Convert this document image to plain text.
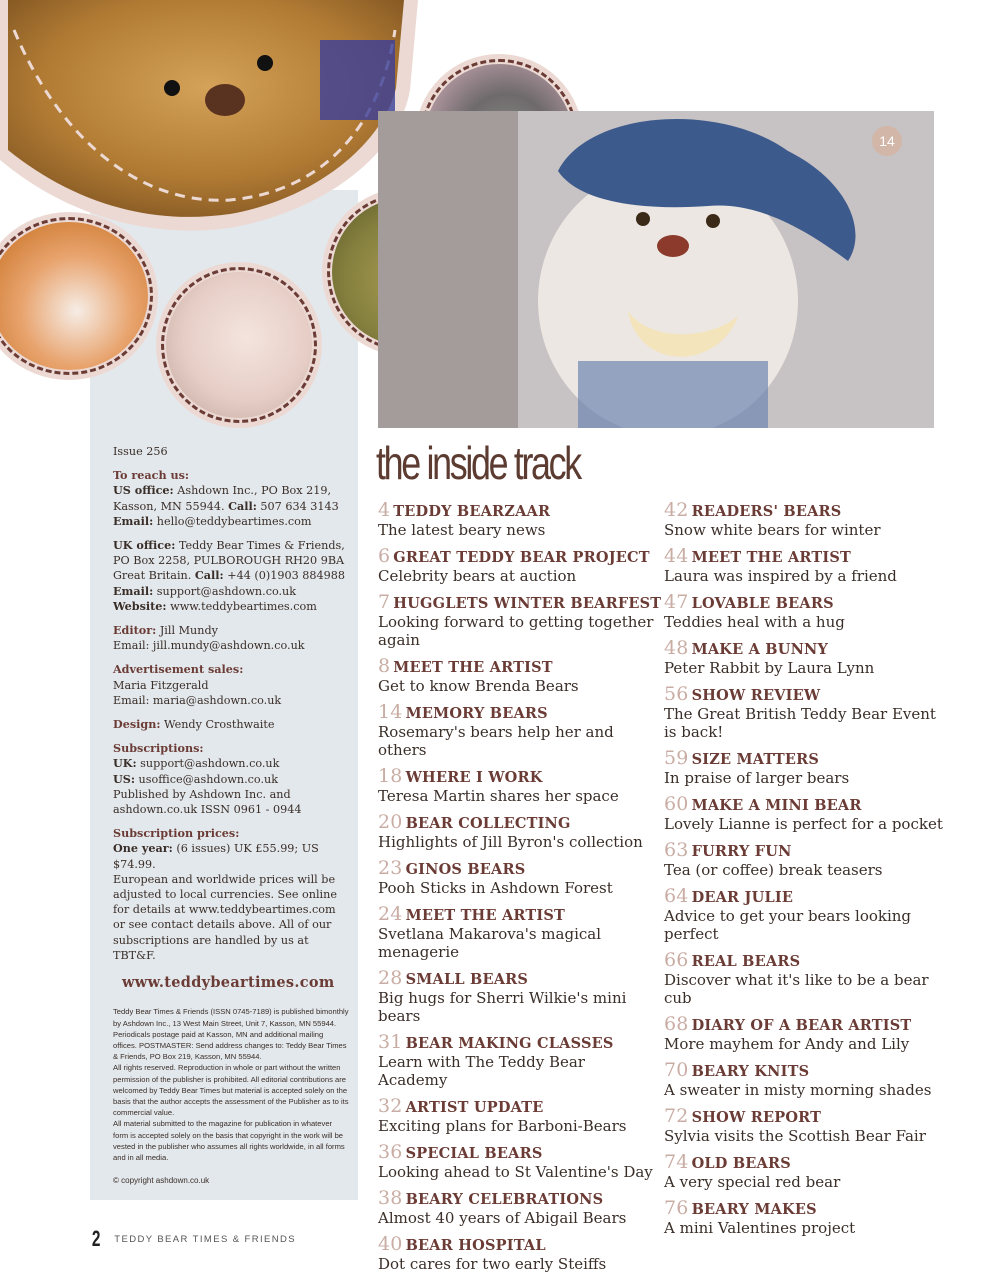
14
Issue 256
To reach us:
US office: Ashdown Inc., PO Box 219, Kasson, MN 55944. Call: 507 634 3143
Email: hello@teddybeartimes.com
UK office: Teddy Bear Times & Friends, PO Box 2258, PULBOROUGH RH20 9BA Great Britain. Call: +44 (0)1903 884988
Email: support@ashdown.co.uk
Website: www.teddybeartimes.com
Editor: Jill Mundy
Email: jill.mundy@ashdown.co.uk
Advertisement sales:
Maria Fitzgerald
Email: maria@ashdown.co.uk
Design: Wendy Crosthwaite
Subscriptions:
UK: support@ashdown.co.uk
US: usoffice@ashdown.co.uk
Published by Ashdown Inc. and ashdown.co.uk ISSN 0961 - 0944
Subscription prices:
One year: (6 issues) UK £55.99; US $74.99.
European and worldwide prices will be adjusted to local currencies. See online for details at www.teddybeartimes.com or see contact details above. All of our subscriptions are handled by us at TBT&F.
www.teddybeartimes.com
Teddy Bear Times & Friends (ISSN 0745-7189) is published bimonthly by Ashdown Inc., 13 West Main Street, Unit 7, Kasson, MN 55944. Periodicals postage paid at Kasson, MN and additional mailing offices. POSTMASTER: Send address changes to: Teddy Bear Times & Friends, PO Box 219, Kasson, MN 55944.
All rights reserved. Reproduction in whole or part without the written permission of the publisher is prohibited. All editorial contributions are welcomed by Teddy Bear Times but material is accepted solely on the basis that the author accepts the assessment of the Publisher as to its commercial value.
All material submitted to the magazine for publication in whatever form is accepted solely on the basis that copyright in the work will be vested in the publisher who assumes all rights worldwide, in all forms and in all media.
© copyright ashdown.co.uk
the inside track
4 TEDDY BEARZAAR
The latest beary news
6 GREAT TEDDY BEAR PROJECT
Celebrity bears at auction
7 HUGGLETS WINTER BEARFEST
Looking forward to getting together again
8 MEET THE ARTIST
Get to know Brenda Bears
14 MEMORY BEARS
Rosemary's bears help her and others
18 WHERE I WORK
Teresa Martin shares her space
20 BEAR COLLECTING
Highlights of Jill Byron's collection
23 GINOS BEARS
Pooh Sticks in Ashdown Forest
24 MEET THE ARTIST
Svetlana Makarova's magical menagerie
28 SMALL BEARS
Big hugs for Sherri Wilkie's mini bears
31 BEAR MAKING CLASSES
Learn with The Teddy Bear Academy
32 ARTIST UPDATE
Exciting plans for Barboni-Bears
36 SPECIAL BEARS
Looking ahead to St Valentine's Day
38 BEARY CELEBRATIONS
Almost 40 years of Abigail Bears
40 BEAR HOSPITAL
Dot cares for two early Steiffs
42 READERS' BEARS
Snow white bears for winter
44 MEET THE ARTIST
Laura was inspired by a friend
47 LOVABLE BEARS
Teddies heal with a hug
48 MAKE A BUNNY
Peter Rabbit by Laura Lynn
56 SHOW REVIEW
The Great British Teddy Bear Event is back!
59 SIZE MATTERS
In praise of larger bears
60 MAKE A MINI BEAR
Lovely Lianne is perfect for a pocket
63 FURRY FUN
Tea (or coffee) break teasers
64 DEAR JULIE
Advice to get your bears looking perfect
66 REAL BEARS
Discover what it's like to be a bear cub
68 DIARY OF A BEAR ARTIST
More mayhem for Andy and Lily
70 BEARY KNITS
A sweater in misty morning shades
72 SHOW REPORT
Sylvia visits the Scottish Bear Fair
74 OLD BEARS
A very special red bear
76 BEARY MAKES
A mini Valentines project
2 TEDDY BEAR TIMES & FRIENDS
